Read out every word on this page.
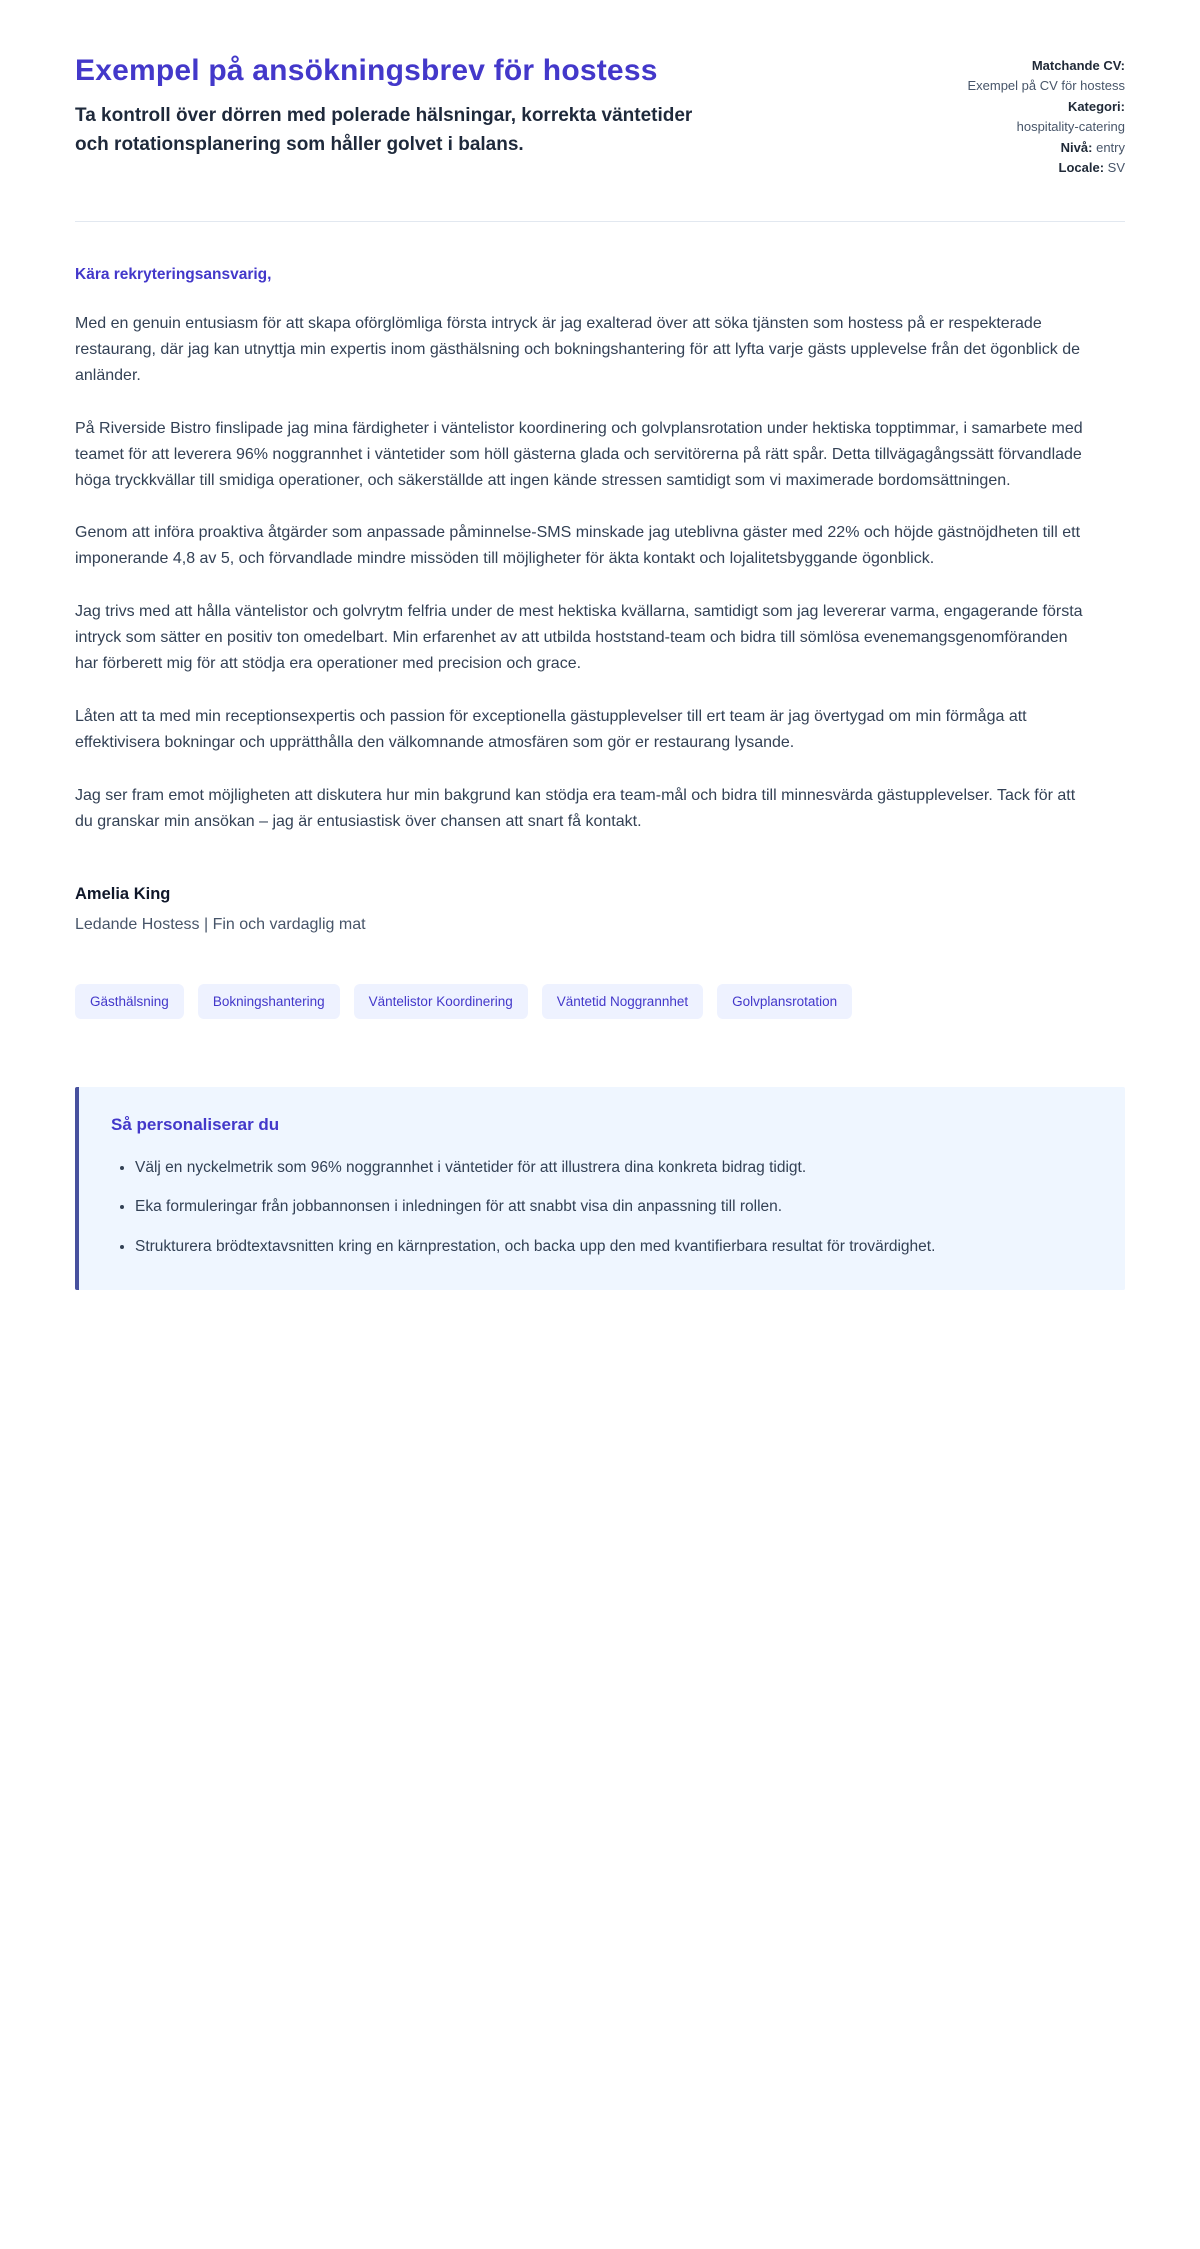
Exempel på ansökningsbrev för hostess

Ta kontroll över dörren med polerade hälsningar, korrekta väntetider och rotationsplanering som håller golvet i balans.

Matchande CV:
Exempel på CV för hostess
Kategori:
hospitality-catering
Nivå: entry
Locale: SV
Kära rekryteringsansvarig,

Med en genuin entusiasm för att skapa oförglömliga första intryck är jag exalterad över att söka tjänsten som hostess på er respekterade restaurang, där jag kan utnyttja min expertis inom gästhälsning och bokningshantering för att lyfta varje gästs upplevelse från det ögonblick de anländer.

På Riverside Bistro finslipade jag mina färdigheter i väntelistor koordinering och golvplansrotation under hektiska topptimmar, i samarbete med teamet för att leverera 96% noggrannhet i väntetider som höll gästerna glada och servitörerna på rätt spår. Detta tillvägagångssätt förvandlade höga tryckkvällar till smidiga operationer, och säkerställde att ingen kände stressen samtidigt som vi maximerade bordomsättningen.

Genom att införa proaktiva åtgärder som anpassade påminnelse-SMS minskade jag uteblivna gäster med 22% och höjde gästnöjdheten till ett imponerande 4,8 av 5, och förvandlade mindre missöden till möjligheter för äkta kontakt och lojalitetsbyggande ögonblick.

Jag trivs med att hålla väntelistor och golvrytm felfria under de mest hektiska kvällarna, samtidigt som jag levererar varma, engagerande första intryck som sätter en positiv ton omedelbart. Min erfarenhet av att utbilda hoststand-team och bidra till sömlösa evenemangsgenomföranden har förberett mig för att stödja era operationer med precision och grace.

Låten att ta med min receptionsexpertis och passion för exceptionella gästupplevelser till ert team är jag övertygad om min förmåga att effektivisera bokningar och upprätthålla den välkomnande atmosfären som gör er restaurang lysande.

Jag ser fram emot möjligheten att diskutera hur min bakgrund kan stödja era team-mål och bidra till minnesvärda gästupplevelser. Tack för att du granskar min ansökan – jag är entusiastisk över chansen att snart få kontakt.

Amelia King

Ledande Hostess | Fin och vardaglig mat

Gästhälsning	Bokningshantering	Väntelistor Koordinering	Väntetid Noggrannhet	Golvplansrotation
Så personaliserar du
• Välj en nyckelmetrik som 96% noggrannhet i väntetider för att illustrera dina konkreta bidrag tidigt.
• Eka formuleringar från jobbannonsen i inledningen för att snabbt visa din anpassning till rollen.
• Strukturera brödtextavsnitten kring en kärnprestation, och backa upp den med kvantifierbara resultat för trovärdighet.
